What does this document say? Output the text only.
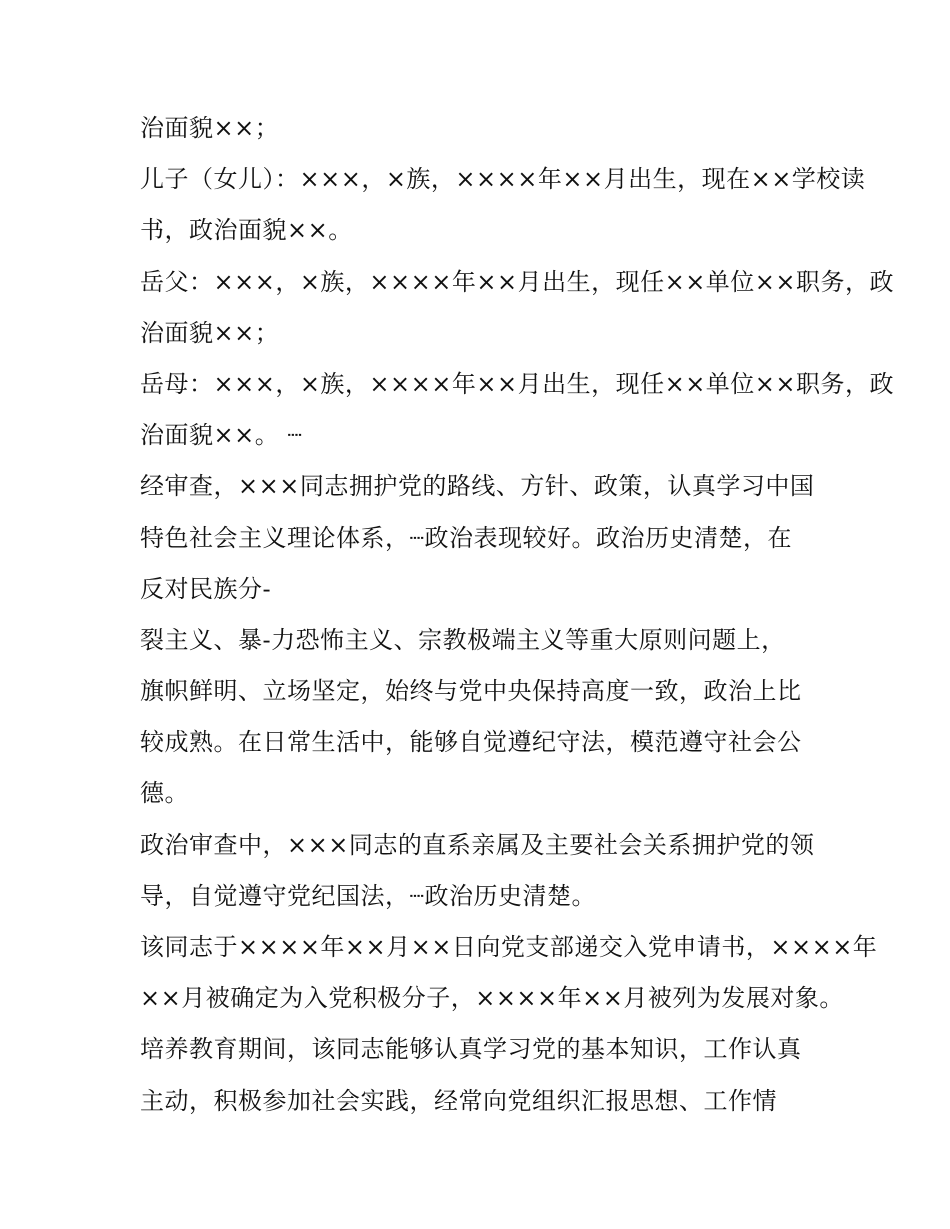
治面貌××；
儿子（女儿）：×××，×族，××××年××月出生，现在××学校读
书，政治面貌××。
岳父：×××，×族，××××年××月出生，现任××单位××职务，政
治面貌××；
岳母：×××，×族，××××年××月出生，现任××单位××职务，政
治面貌××。 ┈
经审查，×××同志拥护党的路线、方针、政策，认真学习中国
特色社会主义理论体系，┈政治表现较好。政治历史清楚，在
反对民族分-
裂主义、暴-力恐怖主义、宗教极端主义等重大原则问题上，
旗帜鲜明、立场坚定，始终与党中央保持高度一致，政治上比
较成熟。在日常生活中，能够自觉遵纪守法，模范遵守社会公
德。
政治审查中，×××同志的直系亲属及主要社会关系拥护党的领
导，自觉遵守党纪国法，┈政治历史清楚。
该同志于××××年××月××日向党支部递交入党申请书，××××年
××月被确定为入党积极分子，××××年××月被列为发展对象。
培养教育期间，该同志能够认真学习党的基本知识，工作认真
主动，积极参加社会实践，经常向党组织汇报思想、工作情
